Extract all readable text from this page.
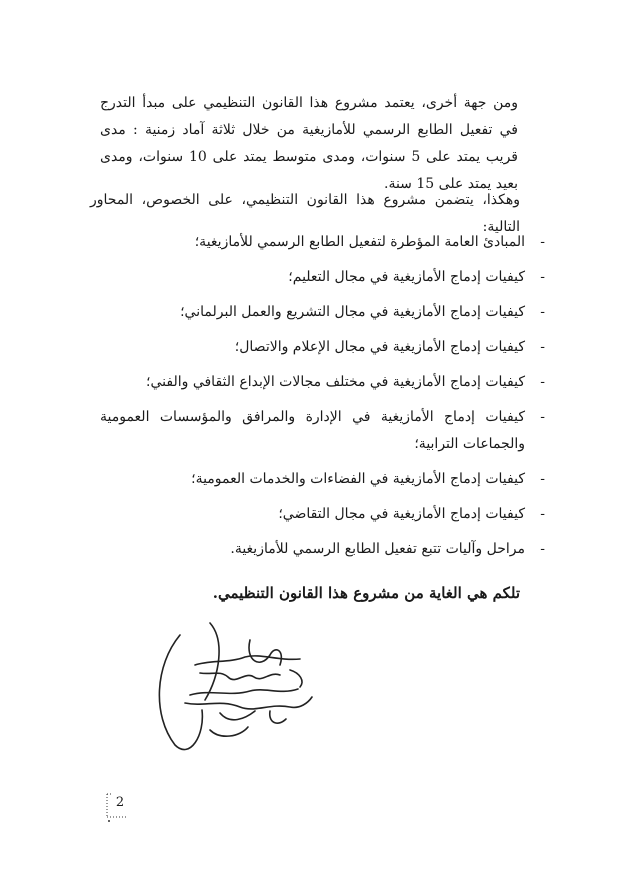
ومن جهة أخرى، يعتمد مشروع هذا القانون التنظيمي على مبدأ التدرج في تفعيل الطابع الرسمي للأمازيغية من خلال ثلاثة آماد زمنية : مدى قريب يمتد على 5 سنوات، ومدى متوسط يمتد على 10 سنوات، ومدى بعيد يمتد على 15 سنة.

وهكذا، يتضمن مشروع هذا القانون التنظيمي، على الخصوص، المحاور التالية:

-
المبادئ العامة المؤطرة لتفعيل الطابع الرسمي للأمازيغية؛
-
كيفيات إدماج الأمازيغية في مجال التعليم؛
-
كيفيات إدماج الأمازيغية في مجال التشريع والعمل البرلماني؛
-
كيفيات إدماج الأمازيغية في مجال الإعلام والاتصال؛
-
كيفيات إدماج الأمازيغية في مختلف مجالات الإبداع الثقافي والفني؛
-
كيفيات إدماج الأمازيغية في الإدارة والمرافق والمؤسسات العمومية والجماعات الترابية؛
-
كيفيات إدماج الأمازيغية في الفضاءات والخدمات العمومية؛
-
كيفيات إدماج الأمازيغية في مجال التقاضي؛
-
مراحل وآليات تتبع تفعيل الطابع الرسمي للأمازيغية.

تلكم هي الغاية من مشروع هذا القانون التنظيمي.

2
